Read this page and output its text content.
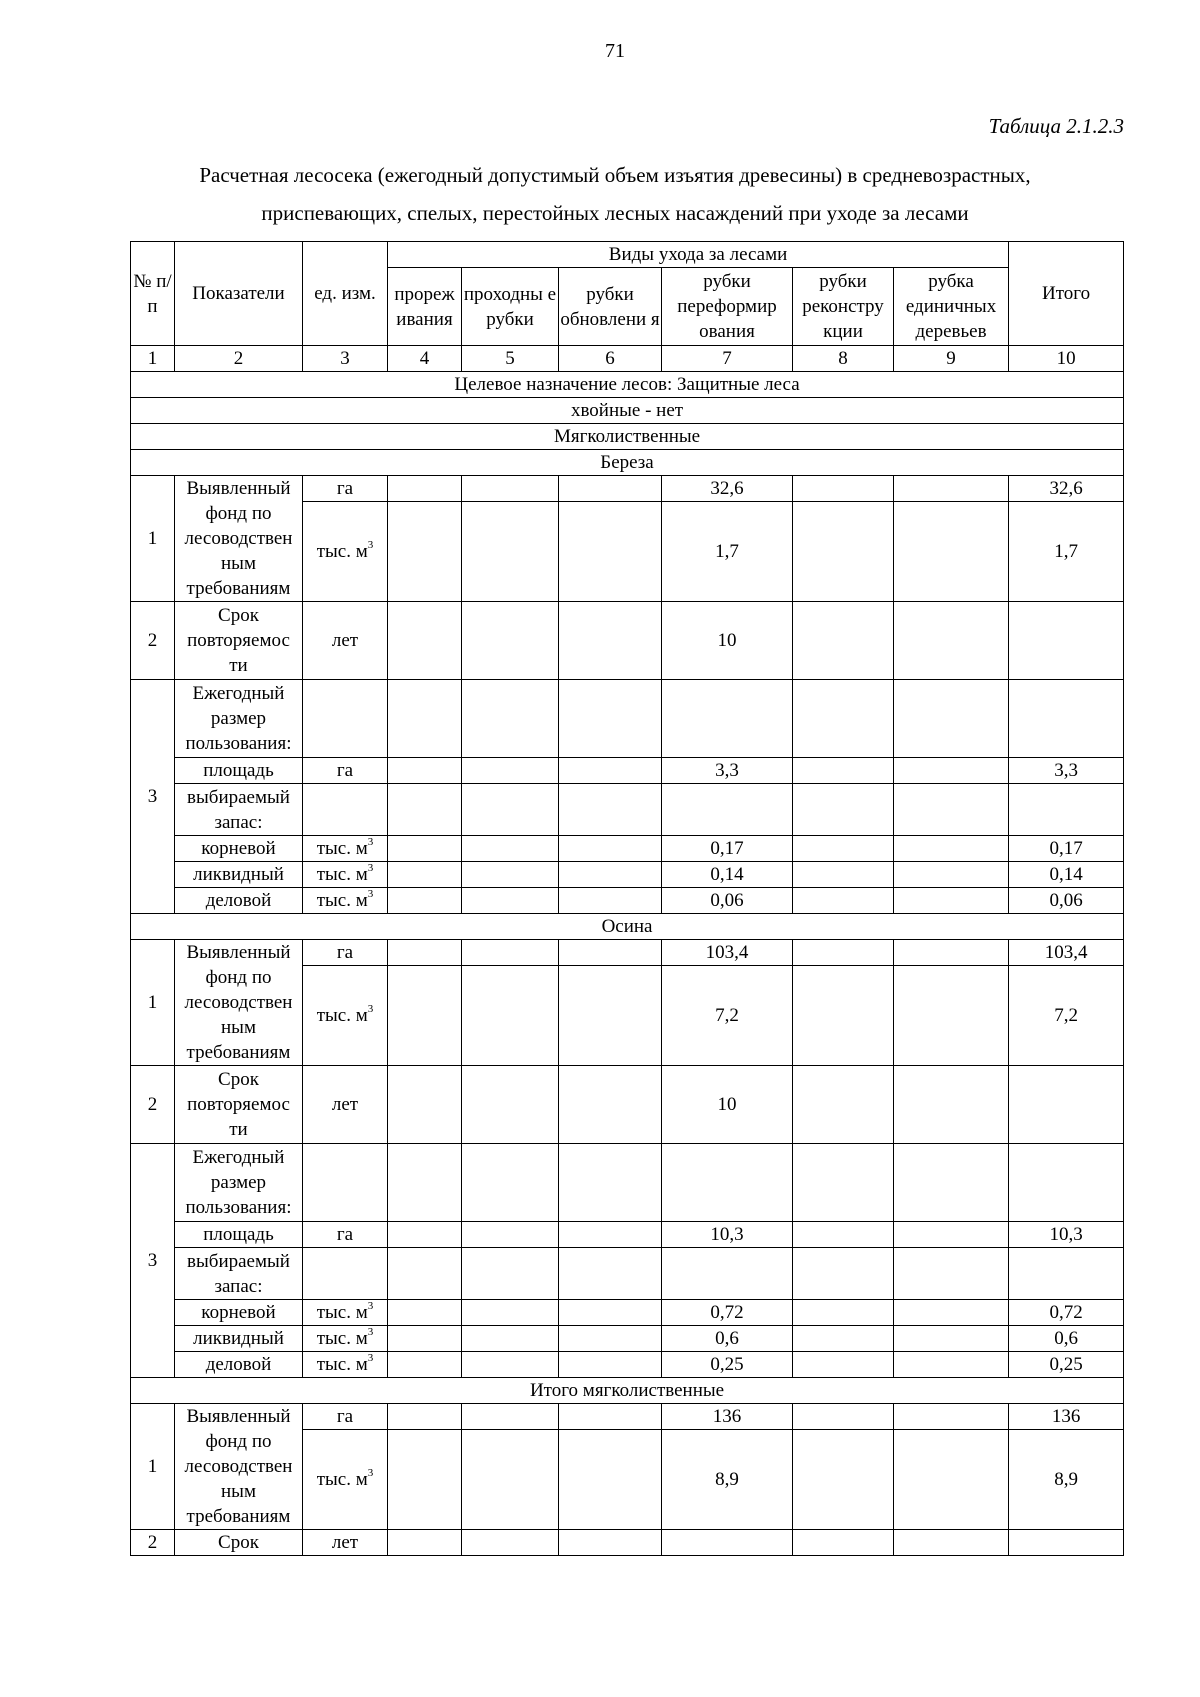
71
Таблица 2.1.2.3
Расчетная лесосека (ежегодный допустимый объем изъятия древесины) в средневозрастных,
приспевающих, спелых, перестойных лесных насаждений при уходе за лесами
№ п/п	Показатели	ед. изм.	Виды ухода за лесами						Итого
			прореж ивания	проходны е рубки	рубки обновлени я	рубки переформир ования	рубки реконстру кции	рубка единичных деревьев	
1	2	3	4	5	6	7	8	9	10
Целевое назначение лесов: Защитные леса									
хвойные - нет									
Мягколиственные									
Береза									
1	Выявленный фонд по лесоводствен ным требованиям	га				32,6			32,6
		тыс. $м^3$				1,7			1,7
2	Срок повторяемос ти	лет				10			
3	Ежегодный размер пользования:								
	площадь	га				3,3			3,3
	выбираемый запас:								
	корневой	тыс. $м^3$				0,17			0,17
	ликвидный	тыс. $м^3$				0,14			0,14
	деловой	тыс. $м^3$				0,06			0,06
Осина									
1	Выявленный фонд по лесоводствен ным требованиям	га				103,4			103,4
		тыс. $м^3$				7,2			7,2
2	Срок повторяемос ти	лет				10			
3	Ежегодный размер пользования:								
	площадь	га				10,3			10,3
	выбираемый запас:								
	корневой	тыс. $м^3$				0,72			0,72
	ликвидный	тыс. $м^3$				0,6			0,6
	деловой	тыс. $м^3$				0,25			0,25
Итого мягколиственные									
1	Выявленный фонд по лесоводствен ным требованиям	га				136			136
		тыс. $м^3$				8,9			8,9
2	Срок	лет							
